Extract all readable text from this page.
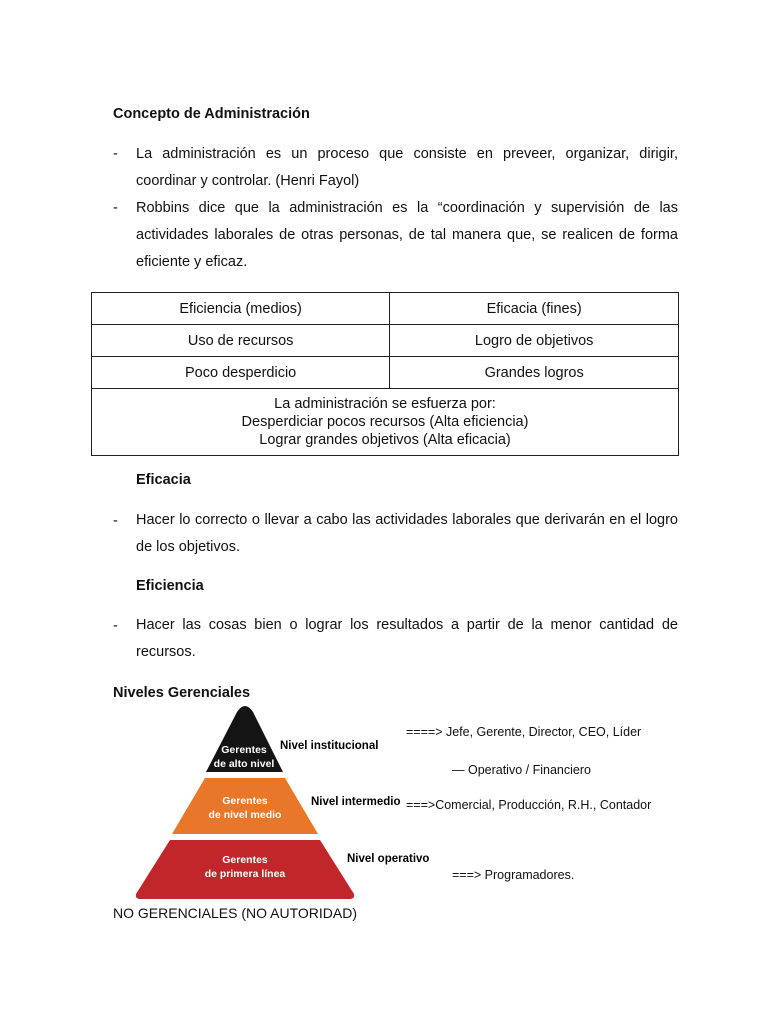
Concepto de Administración
- La administración es un proceso que consiste en preveer, organizar, dirigir, coordinar y controlar. (Henri Fayol)
- Robbins dice que la administración es la “coordinación y supervisión de las actividades laborales de otras personas, de tal manera que, se realicen de forma eficiente y eficaz.
Eficiencia (medios)	Eficacia (fines)
Uso de recursos	Logro de objetivos
Poco desperdicio	Grandes logros

La administración se esfuerza por:
Desperdiciar pocos recursos (Alta eficiencia)
Lograr grandes objetivos (Alta eficacia)	
Eficacia
- Hacer lo correcto o llevar a cabo las actividades laborales que derivarán en el logro de los objetivos.
Eficiencia
- Hacer las cosas bien o lograr los resultados a partir de la menor cantidad de recursos.
Niveles Gerenciales
Gerentes
de alto nivel
Gerentes
de nivel medio
Gerentes
de primera línea
Nivel institucional
Nivel intermedio
Nivel operativo
====> Jefe, Gerente, Director, CEO, Líder
— Operativo / Financiero
===>Comercial, Producción, R.H., Contador
===> Programadores.
NO GERENCIALES (NO AUTORIDAD)
